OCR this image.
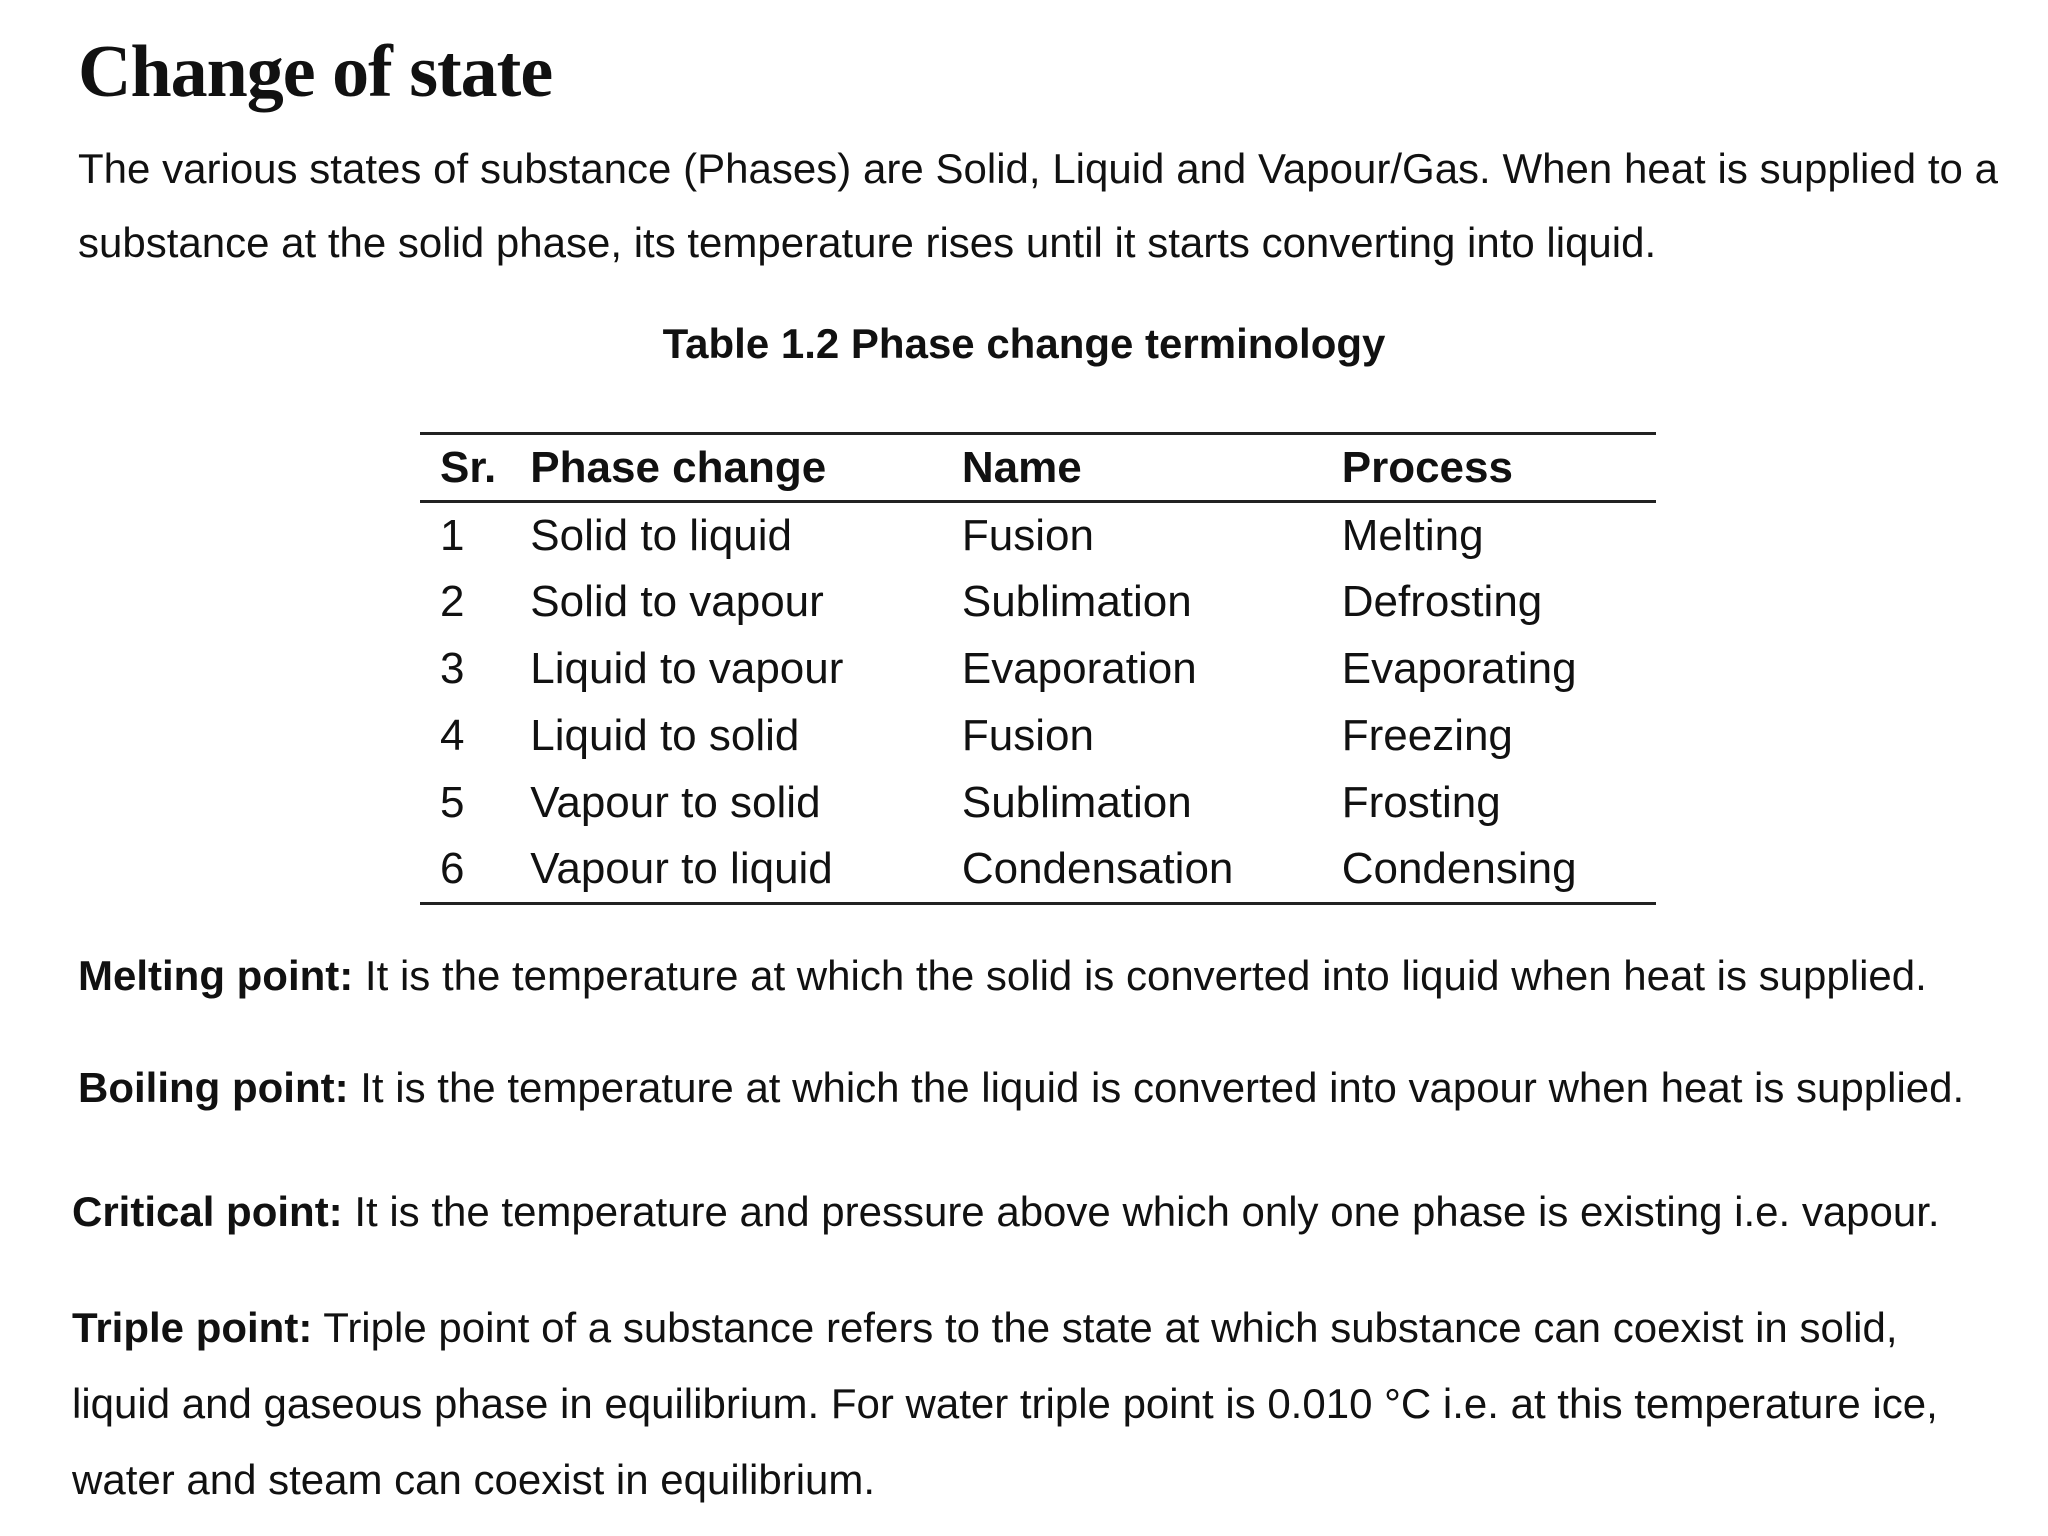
Change of state

The various states of substance (Phases) are Solid, Liquid and Vapour/Gas. When heat is supplied to a substance at the solid phase, its temperature rises until it starts converting into liquid.

Table 1.2 Phase change terminology
Sr.	Phase change	Name	Process
1	Solid to liquid	Fusion	Melting
2	Solid to vapour	Sublimation	Defrosting
3	Liquid to vapour	Evaporation	Evaporating
4	Liquid to solid	Fusion	Freezing
5	Vapour to solid	Sublimation	Frosting
6	Vapour to liquid	Condensation	Condensing

Melting point: It is the temperature at which the solid is converted into liquid when heat is supplied.

Boiling point: It is the temperature at which the liquid is converted into vapour when heat is supplied.

Critical point: It is the temperature and pressure above which only one phase is existing i.e. vapour.

Triple point: Triple point of a substance refers to the state at which substance can coexist in solid, liquid and gaseous phase in equilibrium. For water triple point is 0.010 °C i.e. at this temperature ice, water and steam can coexist in equilibrium.
